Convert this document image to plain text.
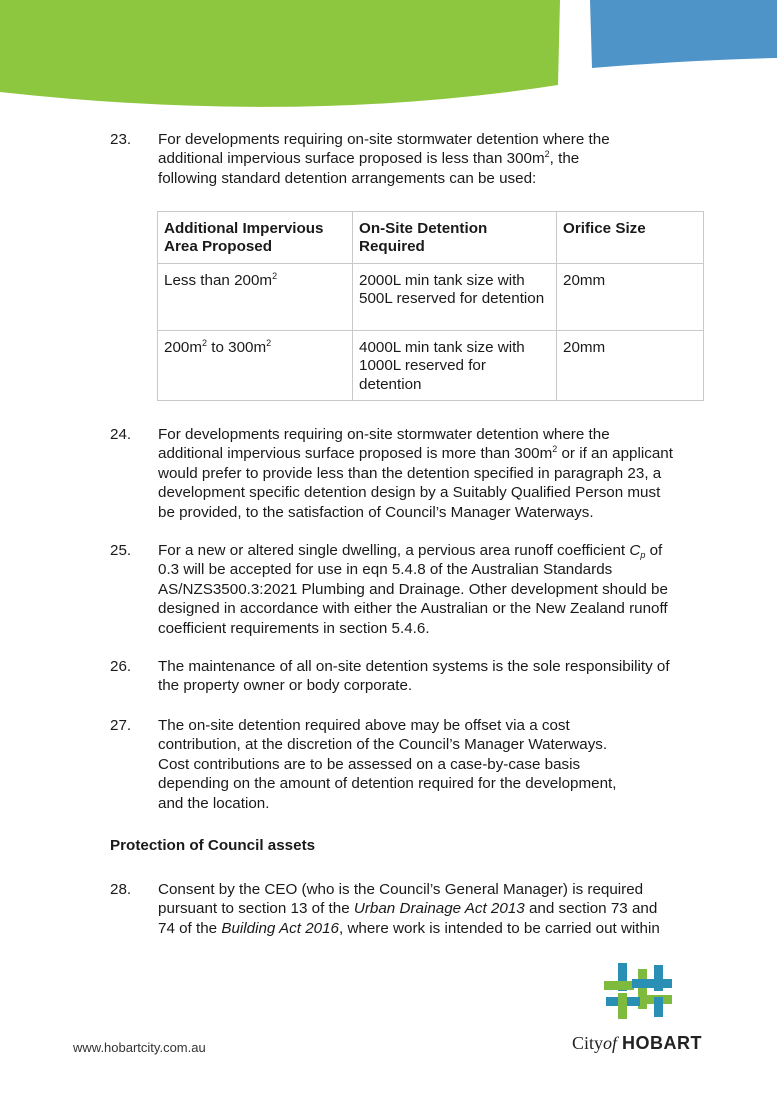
23. For developments requiring on-site stormwater detention where the
additional impervious surface proposed is less than $300m^2$, the
following standard detention arrangements can be used:
Additional Impervious Area Proposed	On-Site Detention Required	Orifice Size
Less than $200m^2$	2000L min tank size with 500L reserved for detention	20mm
$200m^2$ to $300m^2$	4000L min tank size with 1000L reserved for detention	20mm
24. For developments requiring on-site stormwater detention where the
additional impervious surface proposed is more than $300m^2$ or if an applicant
would prefer to provide less than the detention specified in paragraph 23, a
development specific detention design by a Suitably Qualified Person must
be provided, to the satisfaction of Council’s Manager Waterways.
25. For a new or altered single dwelling, a pervious area runoff coefficient $C_p$ of
0.3 will be accepted for use in eqn 5.4.8 of the Australian Standards
AS/NZS3500.3:2021 Plumbing and Drainage. Other development should be
designed in accordance with either the Australian or the New Zealand runoff
coefficient requirements in section 5.4.6.
26. The maintenance of all on-site detention systems is the sole responsibility of
the property owner or body corporate.
27. The on-site detention required above may be offset via a cost
contribution, at the discretion of the Council’s Manager Waterways.
Cost contributions are to be assessed on a case-by-case basis
depending on the amount of detention required for the development,
and the location.
Protection of Council assets
28. Consent by the CEO (who is the Council’s General Manager) is required
pursuant to section 13 of the Urban Drainage Act 2013 and section 73 and
74 of the Building Act 2016, where work is intended to be carried out within
www.hobartcity.com.au	Cityof HOBART
